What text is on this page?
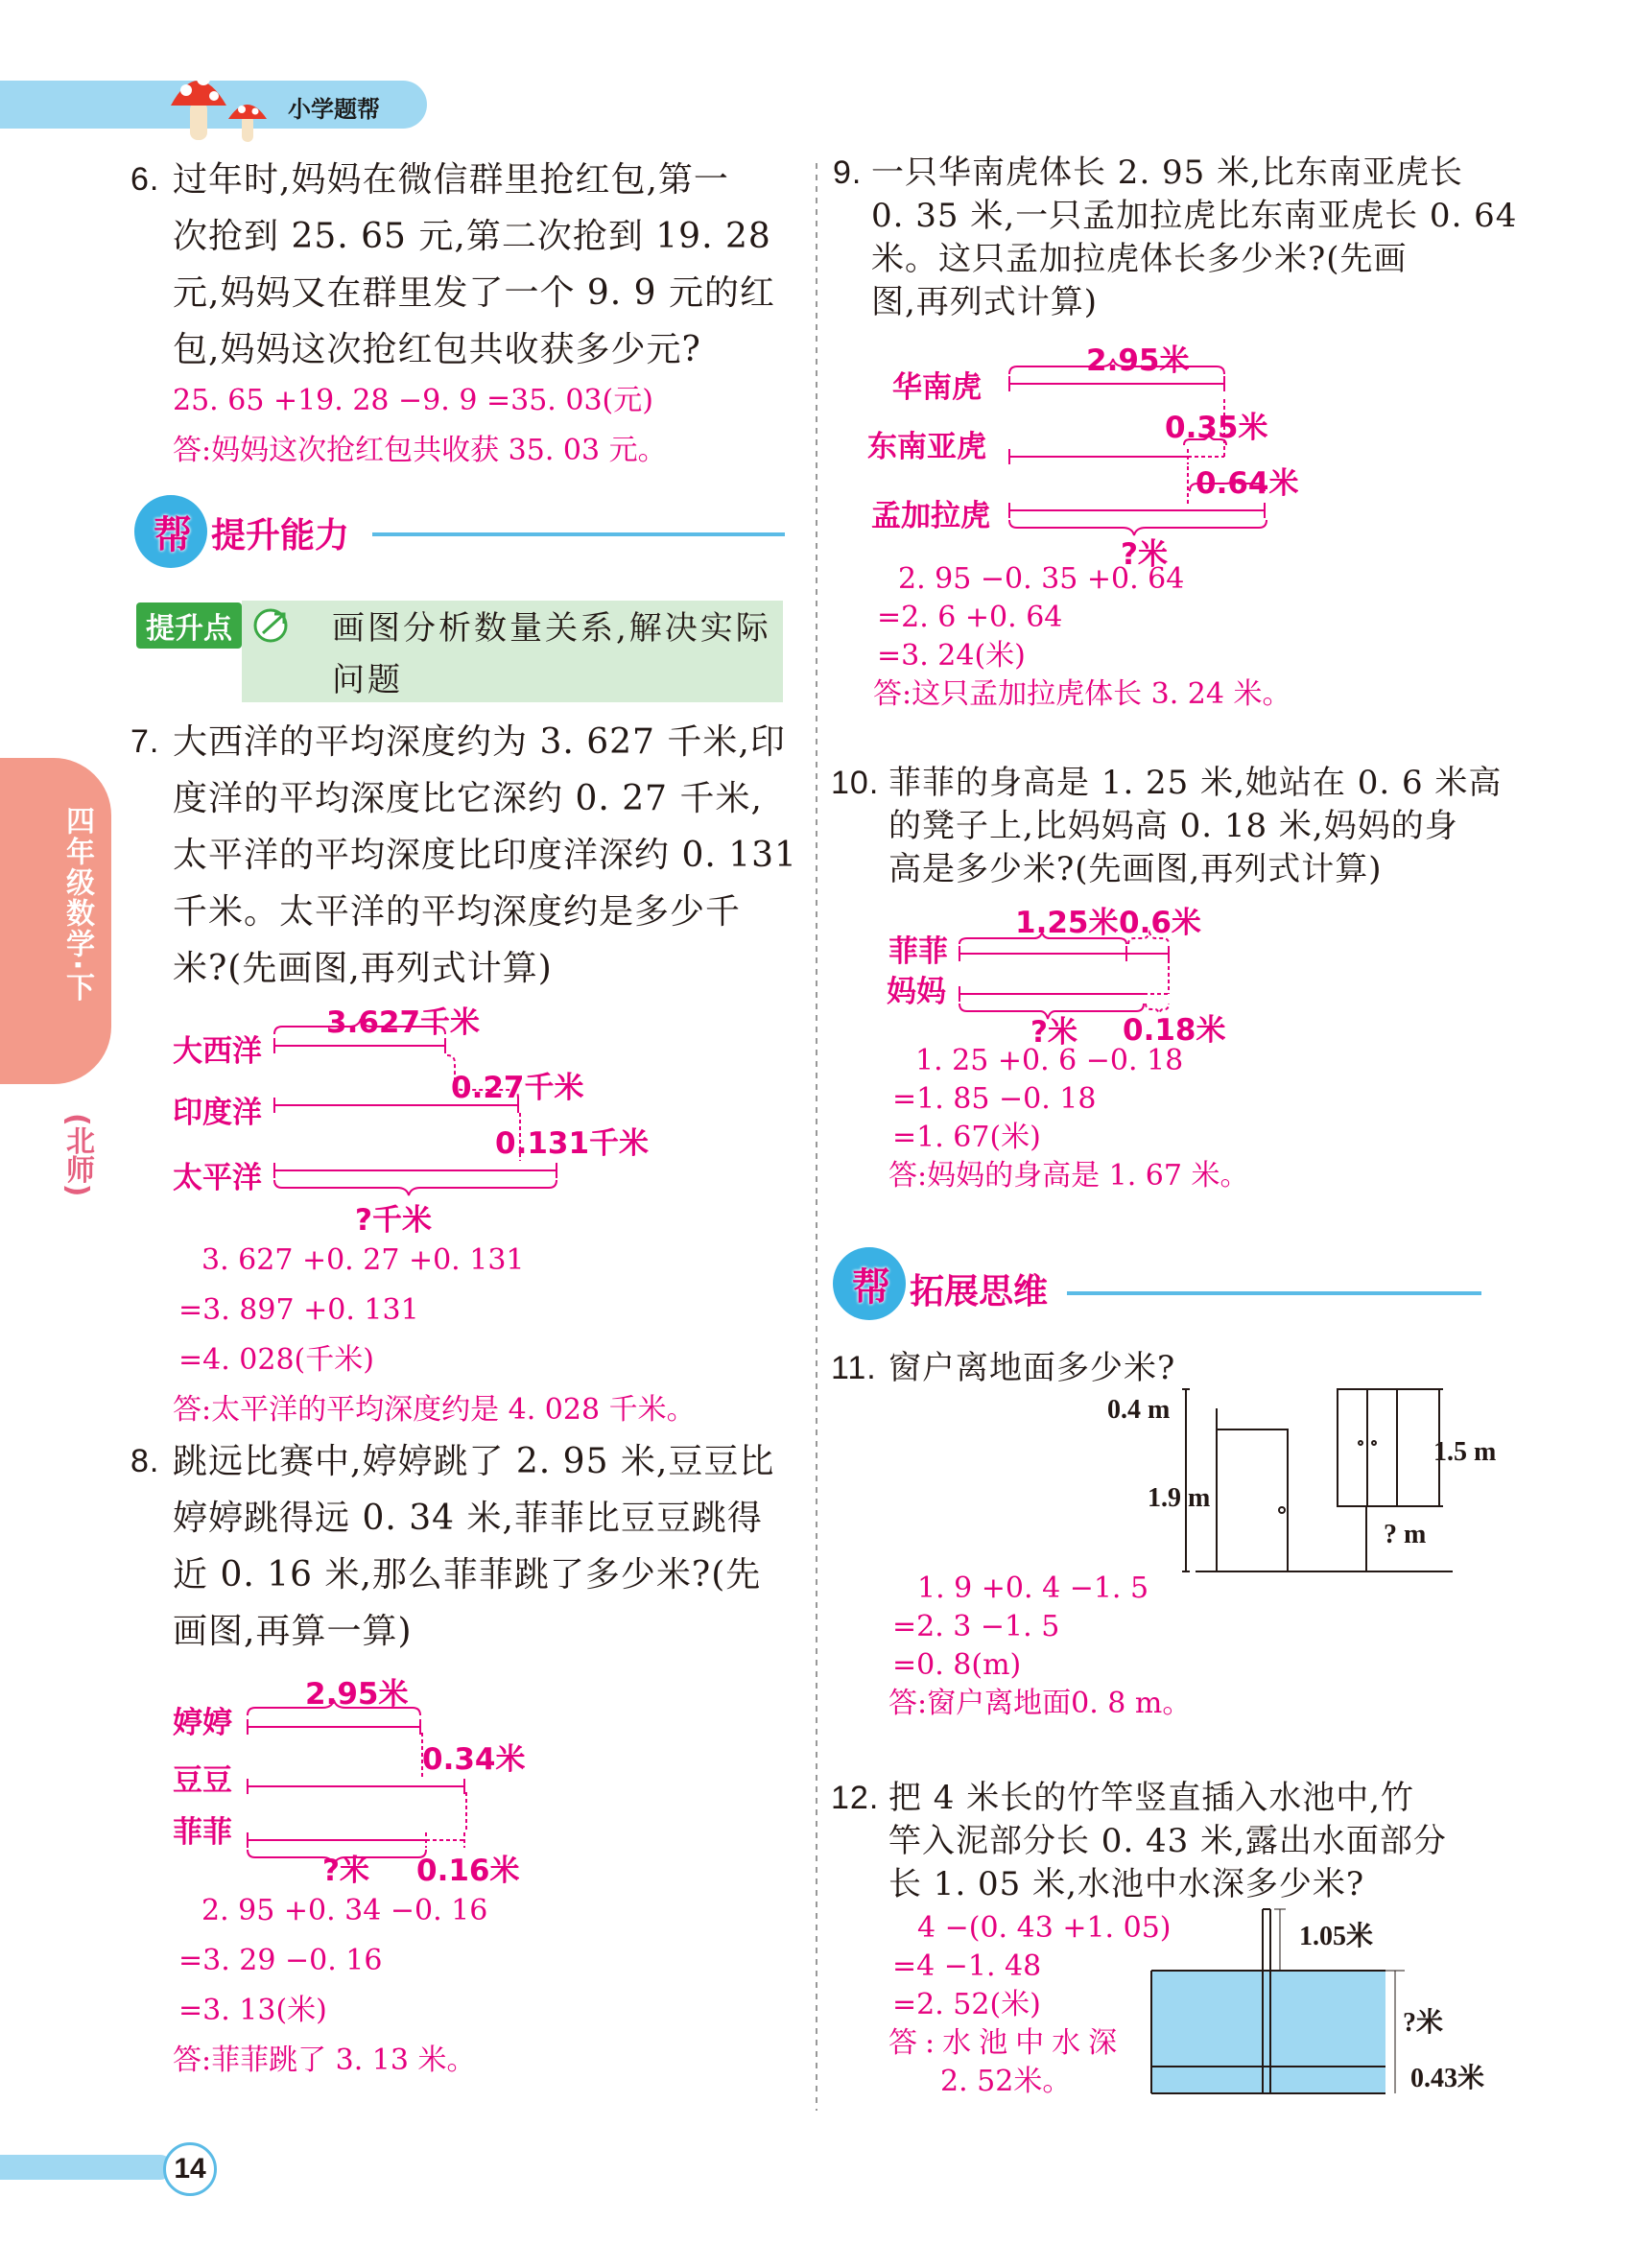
小学题帮
四年级数学·下
(北师)
14
6. 过年时,妈妈在微信群里抢红包,第一
次抢到 25. 65 元,第二次抢到 19. 28
元,妈妈又在群里发了一个 9. 9 元的红
包,妈妈这次抢红包共收获多少元?
25. 65 +19. 28 −9. 9 =35. 03(元)
答:妈妈这次抢红包共收获 35. 03 元。
帮 提升能力
提升点	画图分析数量关系,解决实际问题
7. 大西洋的平均深度约为 3. 627 千米,印
度洋的平均深度比它深约 0. 27 千米,
太平洋的平均深度比印度洋深约 0. 131
千米。太平洋的平均深度约是多少千
米?(先画图,再列式计算)
大西洋
印度洋
太平洋
3.627千米
0.27千米
0.131千米
?千米
3. 627 +0. 27 +0. 131
=3. 897 +0. 131
=4. 028(千米)
答:太平洋的平均深度约是 4. 028 千米。
8. 跳远比赛中,婷婷跳了 2. 95 米,豆豆比
婷婷跳得远 0. 34 米,菲菲比豆豆跳得
近 0. 16 米,那么菲菲跳了多少米?(先
画图,再算一算)
婷婷
豆豆
菲菲
2.95米
0.34米
0.16米
?米
2. 95 +0. 34 −0. 16
=3. 29 −0. 16
=3. 13(米)
答:菲菲跳了 3. 13 米。
9. 一只华南虎体长 2. 95 米,比东南亚虎长
0. 35 米,一只孟加拉虎比东南亚虎长 0. 64
米。这只孟加拉虎体长多少米?(先画
图,再列式计算)
华南虎
东南亚虎
孟加拉虎
2.95米
0.35米
0.64米
?米
2. 95 −0. 35 +0. 64
=2. 6 +0. 64
=3. 24(米)
答:这只孟加拉虎体长 3. 24 米。
10. 菲菲的身高是 1. 25 米,她站在 0. 6 米高
的凳子上,比妈妈高 0. 18 米,妈妈的身
高是多少米?(先画图,再列式计算)
菲菲
妈妈
1.25米 0.6米
?米 0.18米
1. 25 +0. 6 −0. 18
=1. 85 −0. 18
=1. 67(米)
答:妈妈的身高是 1. 67 米。
帮 拓展思维
11. 窗户离地面多少米?
0.4 m
1.9 m
1.5 m
? m
1. 9 +0. 4 −1. 5
=2. 3 −1. 5
=0. 8(m)
答:窗户离地面0. 8 m。
12. 把 4 米长的竹竿竖直插入水池中,竹
竿入泥部分长 0. 43 米,露出水面部分
长 1. 05 米,水池中水深多少米?
4 −(0. 43 +1. 05)
=4 −1. 48
=2. 52(米)
答:水池中水深
2. 52米。
1.05米
?米
0.43米
